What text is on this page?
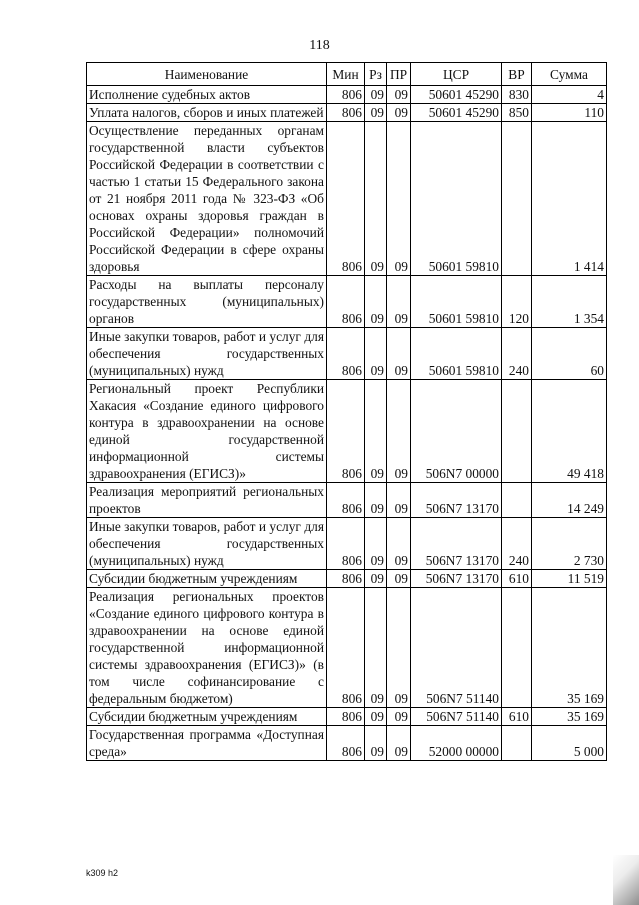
118
Наименование	Мин	Рз	ПР	ЦСР	ВР	Сумма
Исполнение судебных актов	806	09	09	50601 45290	830	4
Уплата налогов, сборов и иных платежей	806	09	09	50601 45290	850	110
Осуществление переданных органам государственной власти субъектов Российской Федерации в соответствии с частью 1 статьи 15 Федерального закона от 21 ноября 2011 года № 323-ФЗ «Об основах охраны здоровья граждан в Российской Федерации» полномочий Российской Федерации в сфере охраны здоровья	806	09	09	50601 59810		1 414
Расходы на выплаты персоналу государственных (муниципальных) органов	806	09	09	50601 59810	120	1 354
Иные закупки товаров, работ и услуг для обеспечения государственных (муниципальных) нужд	806	09	09	50601 59810	240	60
Региональный проект Республики Хакасия «Создание единого цифрового контура в здравоохранении на основе единой государственной информационной системы здравоохранения (ЕГИСЗ)»	806	09	09	506N7 00000		49 418
Реализация мероприятий региональных проектов	806	09	09	506N7 13170		14 249
Иные закупки товаров, работ и услуг для обеспечения государственных (муниципальных) нужд	806	09	09	506N7 13170	240	2 730
Субсидии бюджетным учреждениям	806	09	09	506N7 13170	610	11 519
Реализация региональных проектов «Создание единого цифрового контура в здравоохранении на основе единой государственной информационной системы здравоохранения (ЕГИСЗ)» (в том числе софинансирование с федеральным бюджетом)	806	09	09	506N7 51140		35 169
Субсидии бюджетным учреждениям	806	09	09	506N7 51140	610	35 169
Государственная программа «Доступная среда»	806	09	09	52000 00000		5 000
k309 h2
